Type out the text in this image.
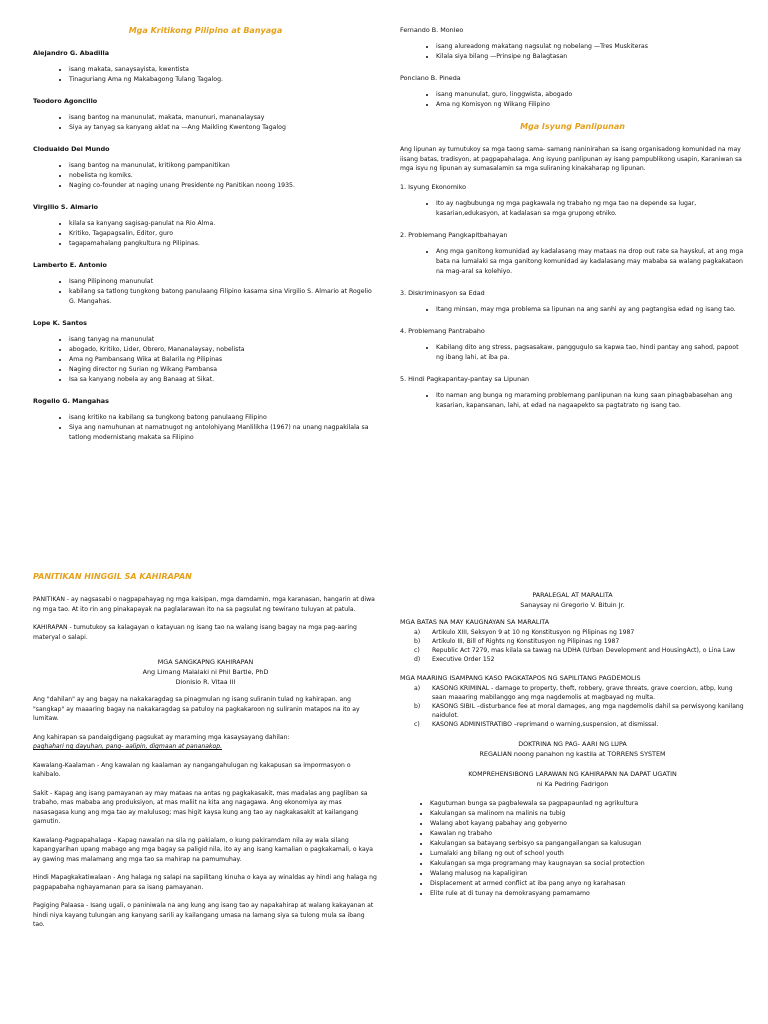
Mga Kritikong Pilipino at Banyaga

Alejandro G. Abadilla

• isang makata, sanaysayista, kwentista
• Tinaguriang Ama ng Makabagong Tulang Tagalog.

Teodoro Agoncillo

• isang bantog na manunulat, makata, manunuri, mananalaysay
• Siya ay tanyag sa kanyang aklat na —Ang Maikling Kwentong Tagalog

Clodualdo Del Mundo

• isang bantog na manunulat, kritikong pampanitikan
• nobelista ng komiks.
• Naging co-founder at naging unang Presidente ng Panitikan noong 1935.

Virgilio S. Almario

• kilala sa kanyang sagisag-panulat na Rio Alma.
• Kritiko, Tagapagsalin, Editor, guro
• tagapamahalang pangkultura ng Pilipinas.

Lamberto E. Antonio

• Isang Pilipinong manunulat
• kabilang sa tatlong tungkong batong panulaang Filipino kasama sina Virgilio S. Almario at Rogelio G. Mangahas.

Lope K. Santos

• isang tanyag na manunulat
• abogado, Kritiko, Lider, Obrero, Mananalaysay, nobelista
• Ama ng Pambansang Wika at Balarila ng Pilipinas
• Naging director ng Surian ng Wikang Pambansa
• Isa sa kanyang nobela ay ang Banaag at Sikat.

Rogelio G. Mangahas

• isang kritiko na kabilang sa tungkong batong panulaang Filipino
• Siya ang namuhunan at namatnugot ng antolohiyang Manlilikha (1967) na unang nagpakilala sa tatlong modernistang makata sa Filipino

Fernando B. Monleo

• isang alureadong makatang nagsulat ng nobelang —Tres Muskiteras
• Kilala siya bilang —Prinsipe ng Balagtasan

Ponciano B. Pineda

• isang manunulat, guro, linggwista, abogado
• Ama ng Komisyon ng Wikang Filipino

Mga Isyung Panlipunan

Ang lipunan ay tumutukoy sa mga taong sama- samang naninirahan sa isang organisadong komunidad na may iisang batas, tradisyon, at pagpapahalaga. Ang isyung panlipunan ay isang pampublikong usapin, Karaniwan sa mga isyu ng lipunan ay sumasalamin sa mga suliraning kinakaharap ng lipunan.

1. Isyung Ekonomiko

• Ito ay nagbubunga ng mga pagkawala ng trabaho ng mga tao na depende sa lugar, kasarian,edukasyon, at kadalasan sa mga grupong etniko.

2. Problemang Pangkapitbahayan

• Ang mga ganitong komunidad ay kadalasang may mataas na drop out rate sa hayskul, at ang mga bata na lumalaki sa mga ganitong komunidad ay kadalasang may mababa sa walang pagkakataon na mag-aral sa kolehiyo.

3. Diskriminasyon sa Edad

• Itang minsan, may mga problema sa lipunan na ang sanhi ay ang pagtangisa edad ng isang tao.

4. Problemang Pantrabaho

• Kabilang dito ang stress, pagsasakaw, panggugulo sa kapwa tao, hindi pantay ang sahod, papoot ng ibang lahi, at iba pa.

5. Hindi Pagkapantay-pantay sa Lipunan

• Ito naman ang bunga ng maraming problemang panlipunan na kung saan pinagbabasehan ang kasarian, kapansanan, lahi, at edad na nagaapekto sa pagtatrato ng isang tao.

PANITIKAN HINGGIL SA KAHIRAPAN

PANITIKAN - ay nagsasabi o nagpapahayag ng mga kaisipan, mga damdamin, mga karanasan, hangarin at diwa ng mga tao. At ito rin ang pinakapayak na paglalarawan ito na sa pagsulat ng tewirano tuluyan at patula.

KAHIRAPAN - tumutukoy sa kalagayan o katayuan ng isang tao na walang isang bagay na mga pag-aaring materyal o salapi.

MGA SANGKAPNG KAHIRAPAN

Ang Limang Malalaki ni Phil Bartle, PhD

Dionisio R. Vitaa III

Ang "dahilan" ay ang bagay na nakakaragdag sa pinagmulan ng isang suliranin tulad ng kahirapan. ang "sangkap" ay maaaring bagay na nakakaragdag sa patuloy na pagkakaroon ng suliranin matapos na ito ay lumitaw.

Ang kahirapan sa pandaigdigang pagsukat ay maraming mga kasaysayang dahilan:

paghahari ng dayuhan, pang- aalipin, digmaan at pananakop.

Kawalang-Kaalaman - Ang kawalan ng kaalaman ay nangangahulugan ng kakapusan sa impormasyon o kahibalo.

Sakit - Kapag ang isang pamayanan ay may mataas na antas ng pagkakasakit, mas madalas ang pagliban sa trabaho, mas mababa ang produksiyon, at mas maliit na kita ang nagagawa. Ang ekonomiya ay mas nasasagasa kung ang mga tao ay malulusog; mas higit kaysa kung ang tao ay nagkakasakit at kailangang gamutin.

Kawalang-Pagpapahalaga - Kapag nawalan na sila ng pakialam, o kung pakiramdam nila ay wala silang kapangyarihan upang mabago ang mga bagay sa paligid nila, ito ay ang isang kamalian o pagkakamali, o kaya ay gawing mas malamang ang mga tao sa mahirap na pamumuhay.

Hindi Mapagkakatiwalaan - Ang halaga ng salapi na sapilitang kinuha o kaya ay winaldas ay hindi ang halaga ng pagpapabaha nghayamanan para sa isang pamayanan.

Pagiging Palaasa - Isang ugali, o paniniwala na ang kung ang isang tao ay napakahirap at walang kakayanan at hindi niya kayang tulungan ang kanyang sarili ay kailangang umasa na lamang siya sa tulong mula sa ibang tao.

PARALEGAL AT MARALITA

Sanaysay ni Gregorio V. Bituin Jr.

MGA BATAS NA MAY KAUGNAYAN SA MARALITA

a) Artikulo XIII, Seksyon 9 at 10 ng Konstitusyon ng Pilipinas ng 1987
b) Artikulo III, Bill of Rights ng Konstitusyon ng Pilipinas ng 1987
c) Republic Act 7279, mas kilala sa tawag na UDHA (Urban Development and HousingAct), o Lina Law
d) Executive Order 152

MGA MAARING ISAMPANG KASO PAGKATAPOS NG SAPILITANG PAGDEMOLIS

a) KASONG KRIMINAL - damage to property, theft, robbery, grave threats, grave coercion, atbp, kung saan maaaring mabilanggo ang mga nagdemolis at magbayad ng multa.
b) KASONG SIBIL –disturbance fee at moral damages, ang mga nagdemolis dahil sa perwisyong kanilang naidulot.
c) KASONG ADMINISTRATIBO –reprimand o warning,suspension, at dismissal.

DOKTRINA NG PAG- AARI NG LUPA

REGALIAN noong panahon ng kastila at TORRENS SYSTEM

KOMPREHENSIBONG LARAWAN NG KAHIRAPAN NA DAPAT UGATIN

ni Ka Pedring Fadrigon

• Kagutuman bunga sa pagbalewala sa pagpapaunlad ng agrikultura
• Kakulangan sa malinom na malinis na tubig
• Walang abot kayang pabahay ang gobyerno
• Kawalan ng trabaho
• Kakulangan sa batayang serbisyo sa pangangailangan sa kalusugan
• Lumalaki ang bilang ng out of school youth
• Kakulangan sa mga programang may kaugnayan sa social protection
• Walang malusog na kapaligiran
• Displacement at armed conflict at iba pang anyo ng karahasan
• Elite rule at di tunay na demokrasyang pamamamo
